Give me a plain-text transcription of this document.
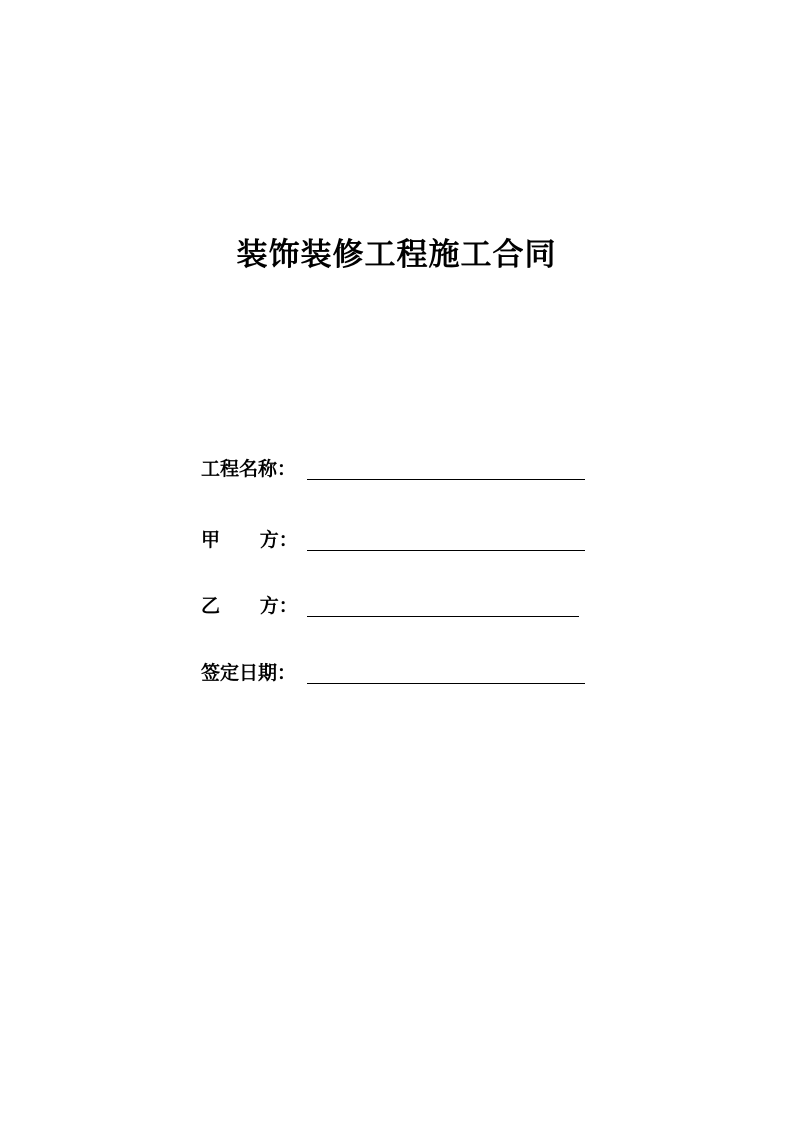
装饰装修工程施工合同
工程名称：
甲      方：
乙      方：
签定日期：
